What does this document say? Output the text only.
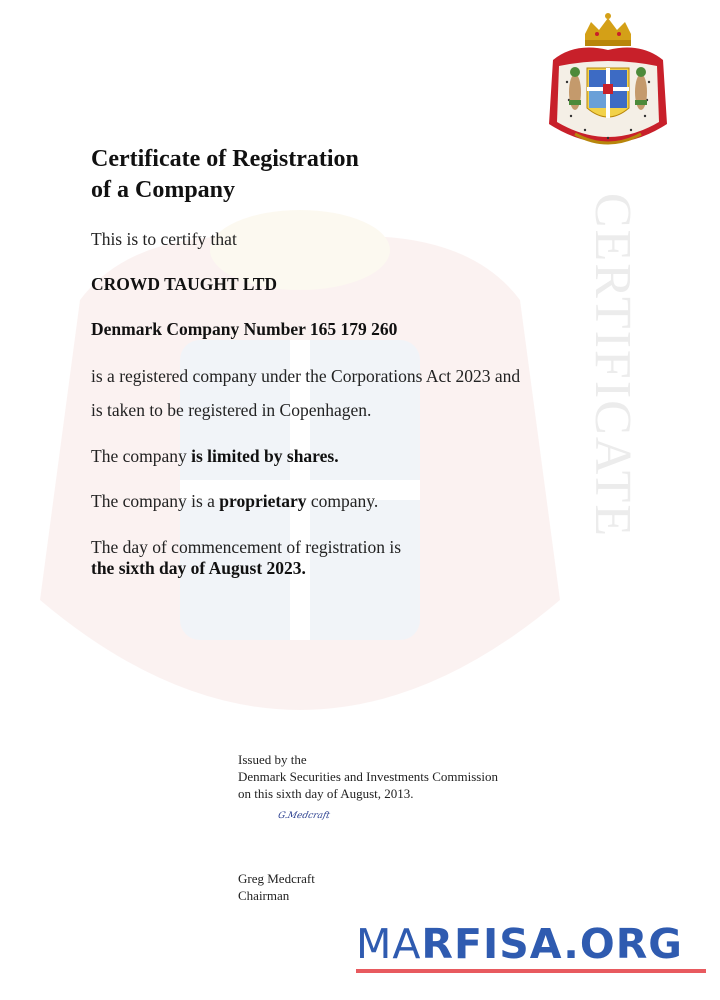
CERTIFICATE
Certificate of Registration
of a Company

This is to certify that

CROWD TAUGHT LTD

Denmark Company Number 165 179 260

is a registered company under the Corporations Act 2023 and

is taken to be registered in Copenhagen.

The company is limited by shares.

The company is a proprietary company.

The day of commencement of registration is

the sixth day of August 2023.

Issued by the
Denmark Securities and Investments Commission
on this sixth day of August, 2013.
G.Medcraft
Greg Medcraft
Chairman
MARFISA.ORG
